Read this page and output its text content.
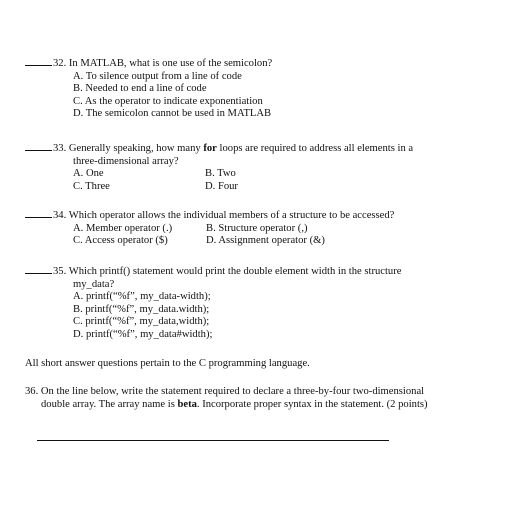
32. In MATLAB, what is one use of the semicolon?
A. To silence output from a line of code
B. Needed to end a line of code
C. As the operator to indicate exponentiation
D. The semicolon cannot be used in MATLAB
33. Generally speaking, how many for loops are required to address all elements in a
three-dimensional array?
A. One	B. Two
C. Three	D. Four
34. Which operator allows the individual members of a structure to be accessed?
A. Member operator (.)	B. Structure operator (,)
C. Access operator ($)	D. Assignment operator (&)
35. Which printf() statement would print the double element width in the structure
my_data?
A. printf(“%f”, my_data-width);
B. printf(“%f”, my_data.width);
C. printf(“%f”, my_data,width);
D. printf(“%f”, my_data#width);
All short answer questions pertain to the C programming language.
36. On the line below, write the statement required to declare a three-by-four two-dimensional
double array. The array name is beta. Incorporate proper syntax in the statement. (2 points)
